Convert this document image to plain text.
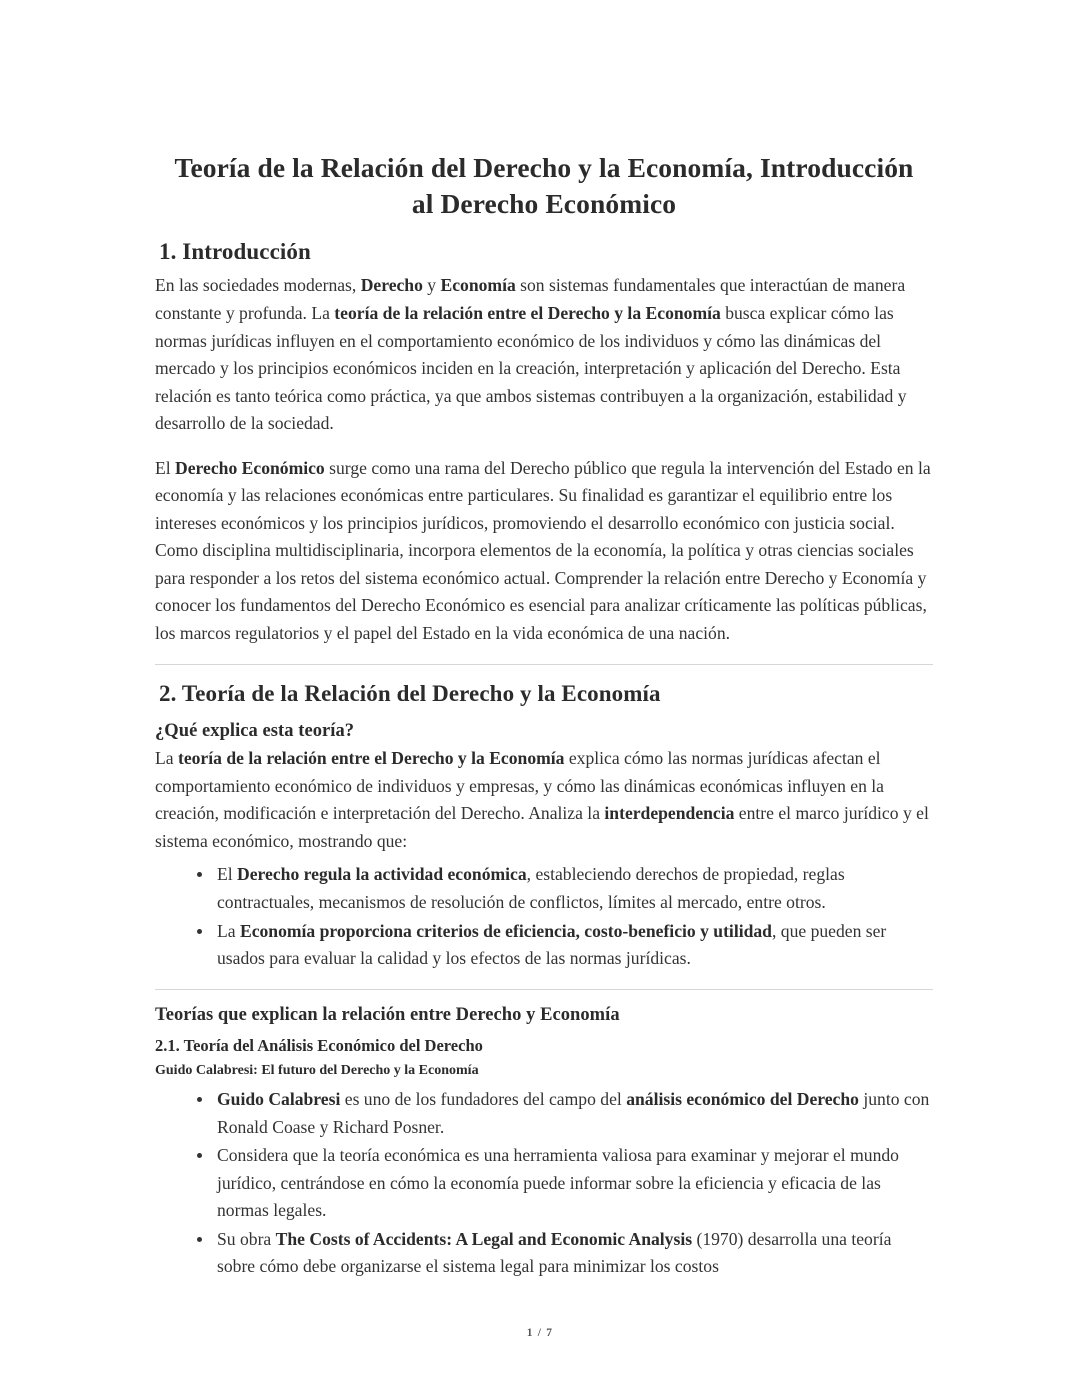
Teoría de la Relación del Derecho y la Economía, Introducción al Derecho Económico
1. Introducción

En las sociedades modernas, Derecho y Economía son sistemas fundamentales que interactúan de manera constante y profunda. La teoría de la relación entre el Derecho y la Economía busca explicar cómo las normas jurídicas influyen en el comportamiento económico de los individuos y cómo las dinámicas del mercado y los principios económicos inciden en la creación, interpretación y aplicación del Derecho. Esta relación es tanto teórica como práctica, ya que ambos sistemas contribuyen a la organización, estabilidad y desarrollo de la sociedad.

El Derecho Económico surge como una rama del Derecho público que regula la intervención del Estado en la economía y las relaciones económicas entre particulares. Su finalidad es garantizar el equilibrio entre los intereses económicos y los principios jurídicos, promoviendo el desarrollo económico con justicia social. Como disciplina multidisciplinaria, incorpora elementos de la economía, la política y otras ciencias sociales para responder a los retos del sistema económico actual. Comprender la relación entre Derecho y Economía y conocer los fundamentos del Derecho Económico es esencial para analizar críticamente las políticas públicas, los marcos regulatorios y el papel del Estado en la vida económica de una nación.

2. Teoría de la Relación del Derecho y la Economía
¿Qué explica esta teoría?

La teoría de la relación entre el Derecho y la Economía explica cómo las normas jurídicas afectan el comportamiento económico de individuos y empresas, y cómo las dinámicas económicas influyen en la creación, modificación e interpretación del Derecho. Analiza la interdependencia entre el marco jurídico y el sistema económico, mostrando que:

El Derecho regula la actividad económica, estableciendo derechos de propiedad, reglas contractuales, mecanismos de resolución de conflictos, límites al mercado, entre otros.
La Economía proporciona criterios de eficiencia, costo-beneficio y utilidad, que pueden ser usados para evaluar la calidad y los efectos de las normas jurídicas.
Teorías que explican la relación entre Derecho y Economía
2.1. Teoría del Análisis Económico del Derecho
Guido Calabresi: El futuro del Derecho y la Economía
Guido Calabresi es uno de los fundadores del campo del análisis económico del Derecho junto con Ronald Coase y Richard Posner.
Considera que la teoría económica es una herramienta valiosa para examinar y mejorar el mundo jurídico, centrándose en cómo la economía puede informar sobre la eficiencia y eficacia de las normas legales.
Su obra The Costs of Accidents: A Legal and Economic Analysis (1970) desarrolla una teoría sobre cómo debe organizarse el sistema legal para minimizar los costos
1 / 7
